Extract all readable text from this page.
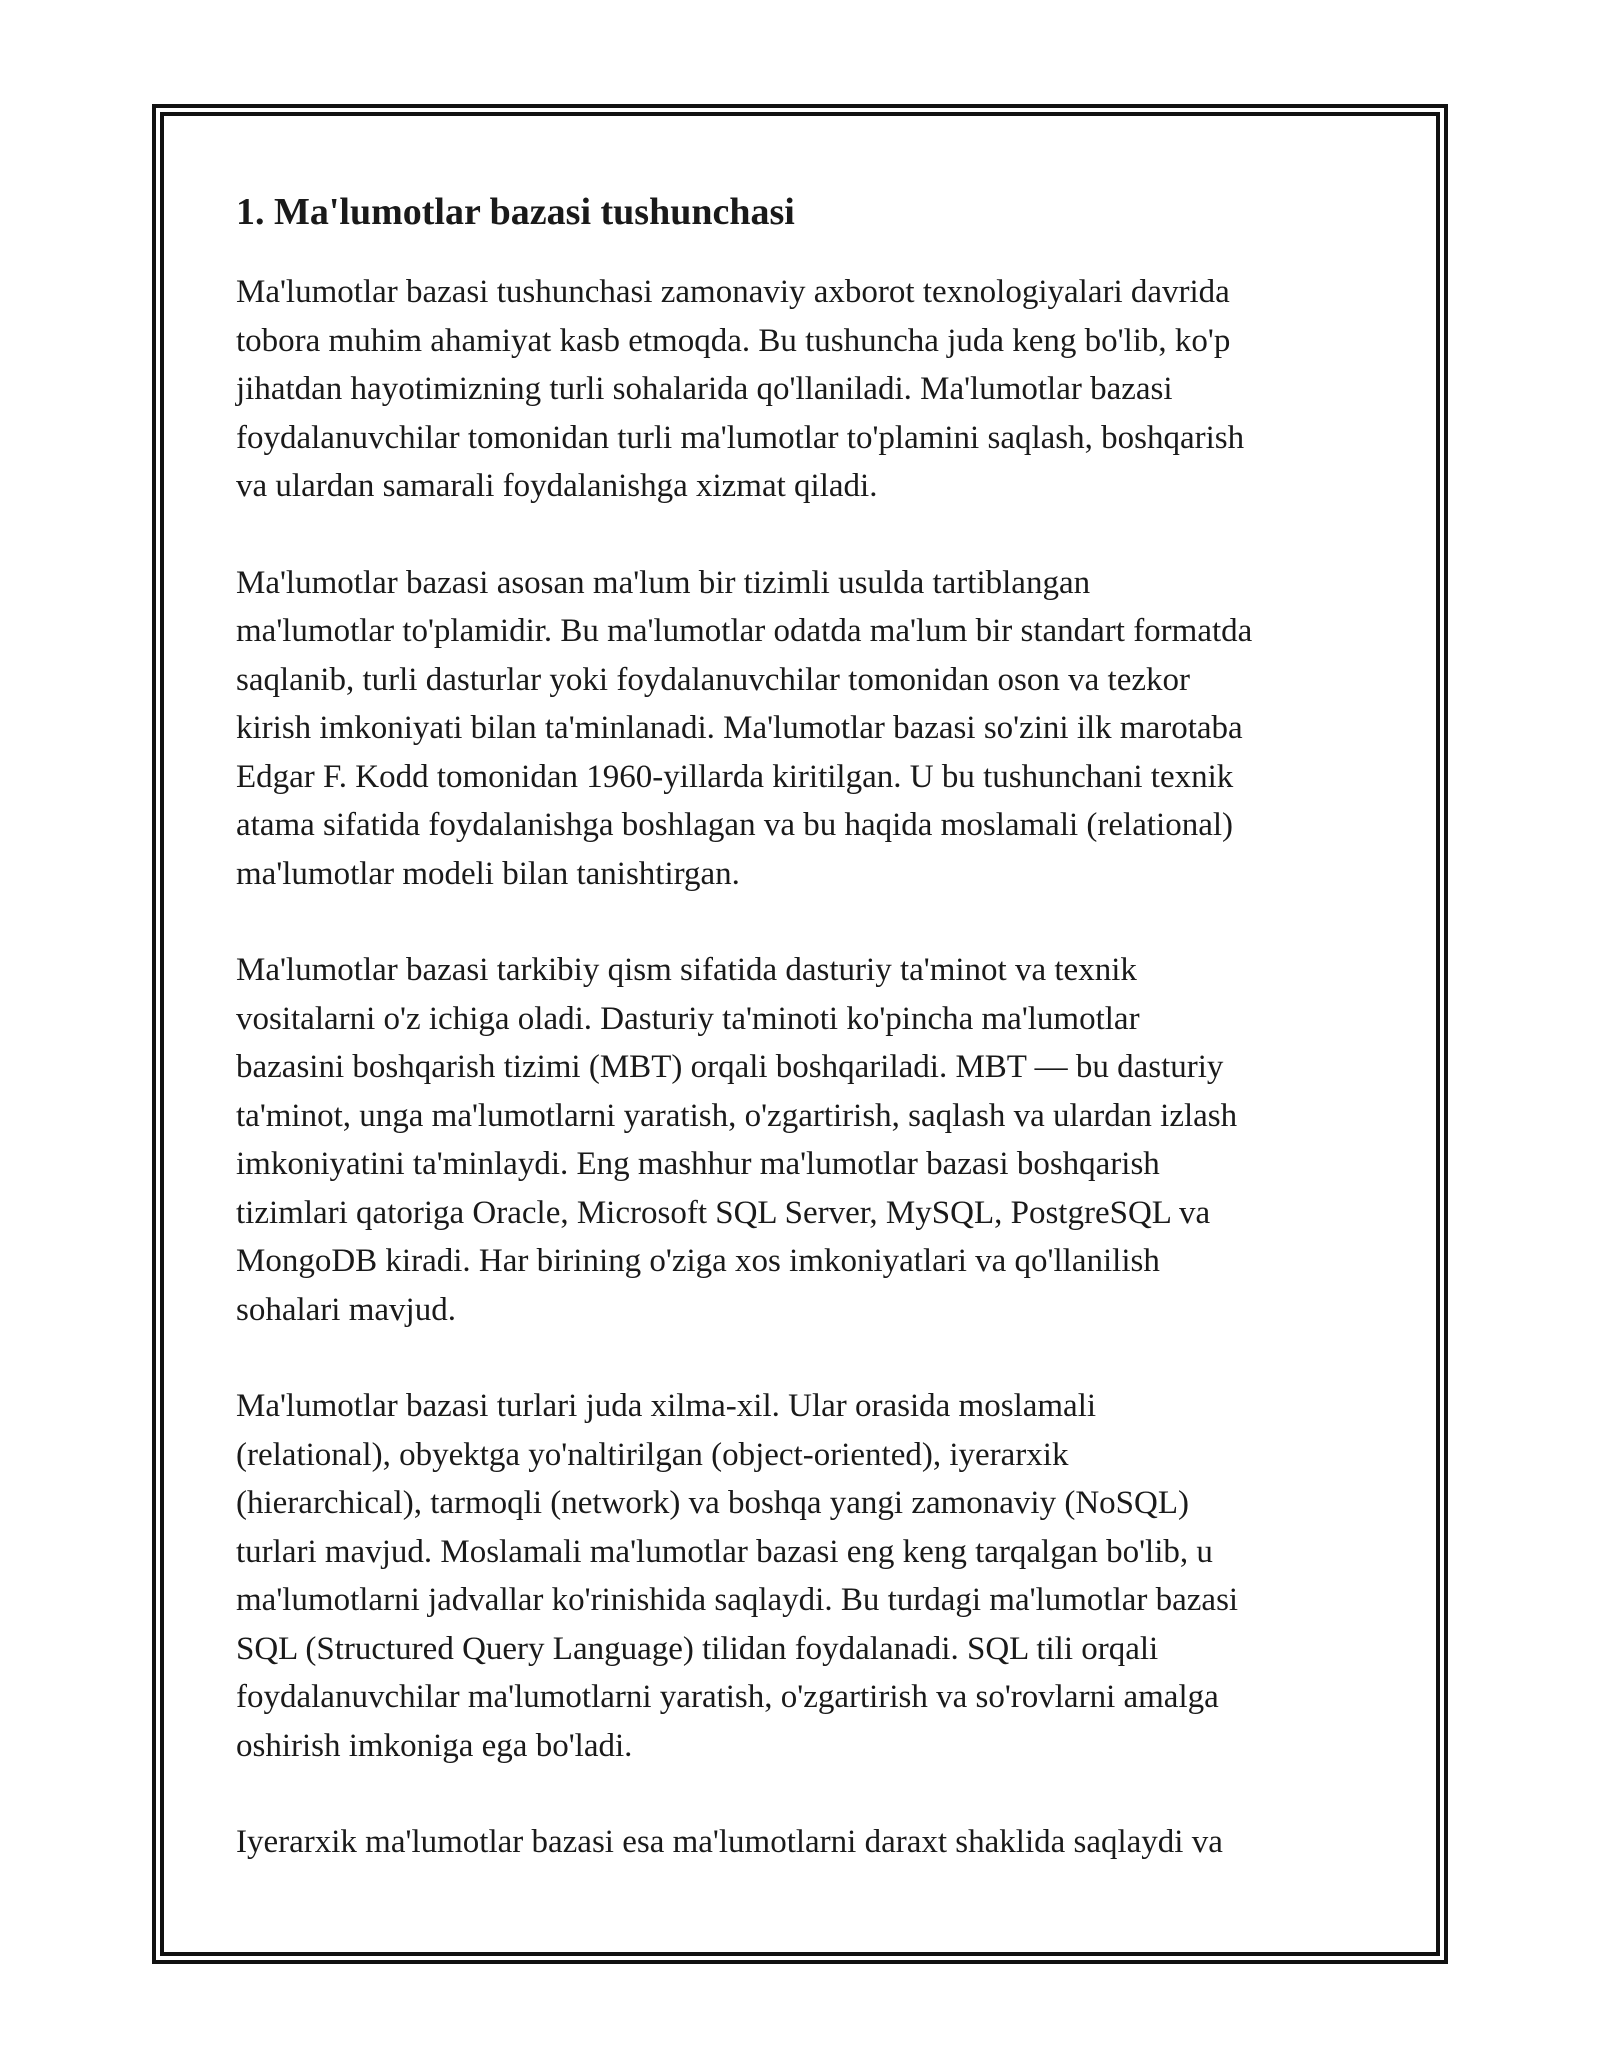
1. Ma'lumotlar bazasi tushunchasi

Ma'lumotlar bazasi tushunchasi zamonaviy axborot texnologiyalari davrida
tobora muhim ahamiyat kasb etmoqda. Bu tushuncha juda keng bo'lib, ko'p
jihatdan hayotimizning turli sohalarida qo'llaniladi. Ma'lumotlar bazasi
foydalanuvchilar tomonidan turli ma'lumotlar to'plamini saqlash, boshqarish
va ulardan samarali foydalanishga xizmat qiladi.

Ma'lumotlar bazasi asosan ma'lum bir tizimli usulda tartiblangan
ma'lumotlar to'plamidir. Bu ma'lumotlar odatda ma'lum bir standart formatda
saqlanib, turli dasturlar yoki foydalanuvchilar tomonidan oson va tezkor
kirish imkoniyati bilan ta'minlanadi. Ma'lumotlar bazasi so'zini ilk marotaba
Edgar F. Kodd tomonidan 1960-yillarda kiritilgan. U bu tushunchani texnik
atama sifatida foydalanishga boshlagan va bu haqida moslamali (relational)
ma'lumotlar modeli bilan tanishtirgan.

Ma'lumotlar bazasi tarkibiy qism sifatida dasturiy ta'minot va texnik
vositalarni o'z ichiga oladi. Dasturiy ta'minoti ko'pincha ma'lumotlar
bazasini boshqarish tizimi (MBT) orqali boshqariladi. MBT — bu dasturiy
ta'minot, unga ma'lumotlarni yaratish, o'zgartirish, saqlash va ulardan izlash
imkoniyatini ta'minlaydi. Eng mashhur ma'lumotlar bazasi boshqarish
tizimlari qatoriga Oracle, Microsoft SQL Server, MySQL, PostgreSQL va
MongoDB kiradi. Har birining o'ziga xos imkoniyatlari va qo'llanilish
sohalari mavjud.

Ma'lumotlar bazasi turlari juda xilma-xil. Ular orasida moslamali
(relational), obyektga yo'naltirilgan (object-oriented), iyerarxik
(hierarchical), tarmoqli (network) va boshqa yangi zamonaviy (NoSQL)
turlari mavjud. Moslamali ma'lumotlar bazasi eng keng tarqalgan bo'lib, u
ma'lumotlarni jadvallar ko'rinishida saqlaydi. Bu turdagi ma'lumotlar bazasi
SQL (Structured Query Language) tilidan foydalanadi. SQL tili orqali
foydalanuvchilar ma'lumotlarni yaratish, o'zgartirish va so'rovlarni amalga
oshirish imkoniga ega bo'ladi.

Iyerarxik ma'lumotlar bazasi esa ma'lumotlarni daraxt shaklida saqlaydi va
